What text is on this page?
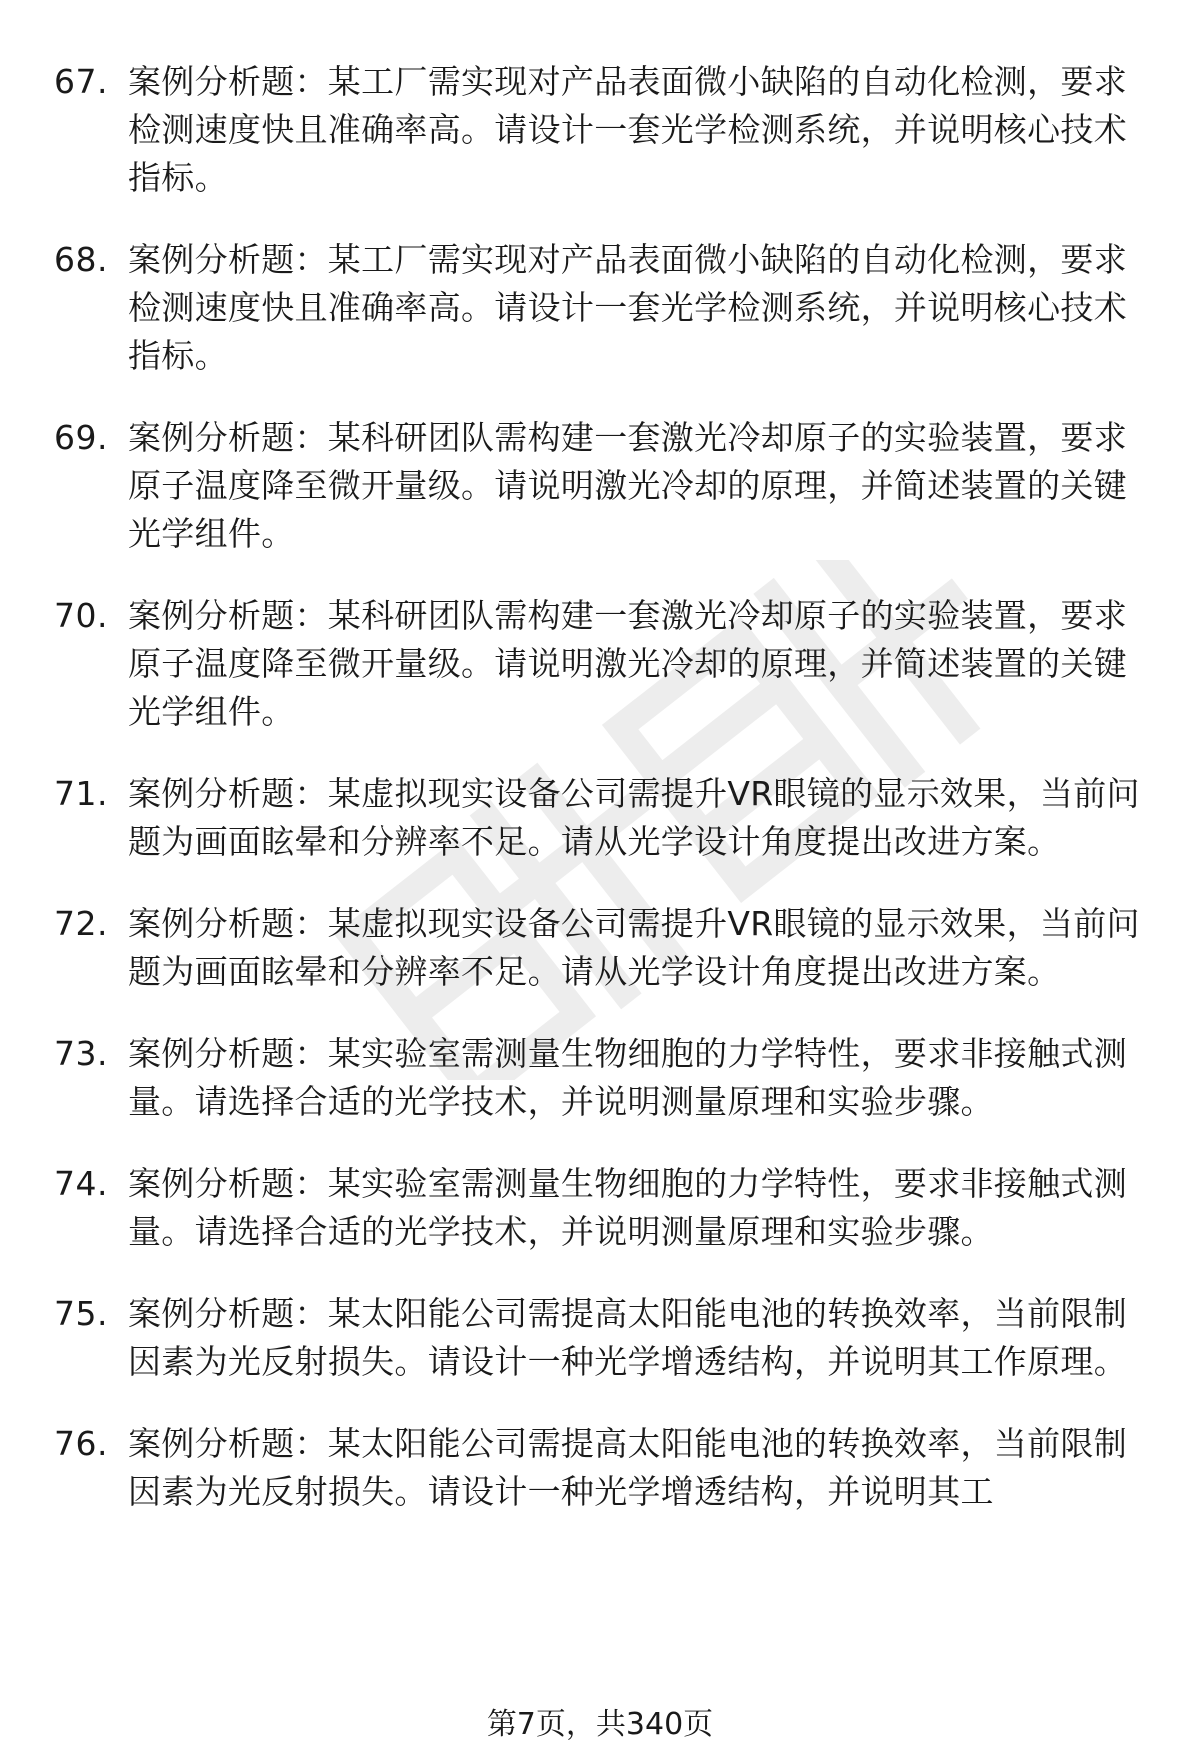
67. 案例分析题：某工厂需实现对产品表面微小缺陷的自动化检测，要求检测速度快且准确率高。请设计一套光学检测系统，并说明核心技术指标。
68. 案例分析题：某工厂需实现对产品表面微小缺陷的自动化检测，要求检测速度快且准确率高。请设计一套光学检测系统，并说明核心技术指标。
69. 案例分析题：某科研团队需构建一套激光冷却原子的实验装置，要求原子温度降至微开量级。请说明激光冷却的原理，并简述装置的关键光学组件。
70. 案例分析题：某科研团队需构建一套激光冷却原子的实验装置，要求原子温度降至微开量级。请说明激光冷却的原理，并简述装置的关键光学组件。
71. 案例分析题：某虚拟现实设备公司需提升VR眼镜的显示效果，当前问题为画面眩晕和分辨率不足。请从光学设计角度提出改进方案。
72. 案例分析题：某虚拟现实设备公司需提升VR眼镜的显示效果，当前问题为画面眩晕和分辨率不足。请从光学设计角度提出改进方案。
73. 案例分析题：某实验室需测量生物细胞的力学特性，要求非接触式测量。请选择合适的光学技术，并说明测量原理和实验步骤。
74. 案例分析题：某实验室需测量生物细胞的力学特性，要求非接触式测量。请选择合适的光学技术，并说明测量原理和实验步骤。
75. 案例分析题：某太阳能公司需提高太阳能电池的转换效率，当前限制因素为光反射损失。请设计一种光学增透结构，并说明其工作原理。
76. 案例分析题：某太阳能公司需提高太阳能电池的转换效率，当前限制因素为光反射损失。请设计一种光学增透结构，并说明其工
第7页，共340页
